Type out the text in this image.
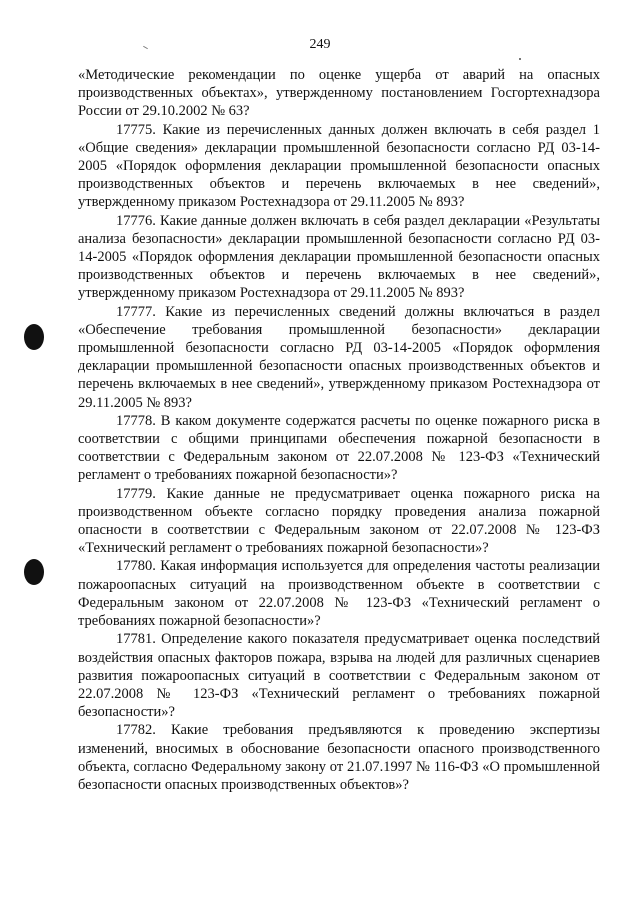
249

«Методические рекомендации по оценке ущерба от аварий на опасных производственных объектах», утвержденному постановлением Госгортехнадзора России от 29.10.2002 № 63?

17775. Какие из перечисленных данных должен включать в себя раздел 1 «Общие сведения» декларации промышленной безопасности согласно РД 03-14-2005 «Порядок оформления декларации промышленной безопасности опасных производственных объектов и перечень включаемых в нее сведений», утвержденному приказом Ростехнадзора от 29.11.2005 № 893?

17776. Какие данные должен включать в себя раздел декларации «Результаты анализа безопасности» декларации промышленной безопасности согласно РД 03-14-2005 «Порядок оформления декларации промышленной безопасности опасных производственных объектов и перечень включаемых в нее сведений», утвержденному приказом Ростехнадзора от 29.11.2005 № 893?

17777. Какие из перечисленных сведений должны включаться в раздел «Обеспечение требования промышленной безопасности» декларации промышленной безопасности согласно РД 03-14-2005 «Порядок оформления декларации промышленной безопасности опасных производственных объектов и перечень включаемых в нее сведений», утвержденному приказом Ростехнадзора от 29.11.2005 № 893?

17778. В каком документе содержатся расчеты по оценке пожарного риска в соответствии с общими принципами обеспечения пожарной безопасности в соответствии с Федеральным законом от 22.07.2008 № 123-ФЗ «Технический регламент о требованиях пожарной безопасности»?

17779. Какие данные не предусматривает оценка пожарного риска на производственном объекте согласно порядку проведения анализа пожарной опасности в соответствии с Федеральным законом от 22.07.2008 № 123-ФЗ «Технический регламент о требованиях пожарной безопасности»?

17780. Какая информация используется для определения частоты реализации пожароопасных ситуаций на производственном объекте в соответствии с Федеральным законом от 22.07.2008 № 123-ФЗ «Технический регламент о требованиях пожарной безопасности»?

17781. Определение какого показателя предусматривает оценка последствий воздействия опасных факторов пожара, взрыва на людей для различных сценариев развития пожароопасных ситуаций в соответствии с Федеральным законом от 22.07.2008 № 123-ФЗ «Технический регламент о требованиях пожарной безопасности»?

17782. Какие требования предъявляются к проведению экспертизы изменений, вносимых в обоснование безопасности опасного производственного объекта, согласно Федеральному закону от 21.07.1997 № 116-ФЗ «О промышленной безопасности опасных производственных объектов»?
